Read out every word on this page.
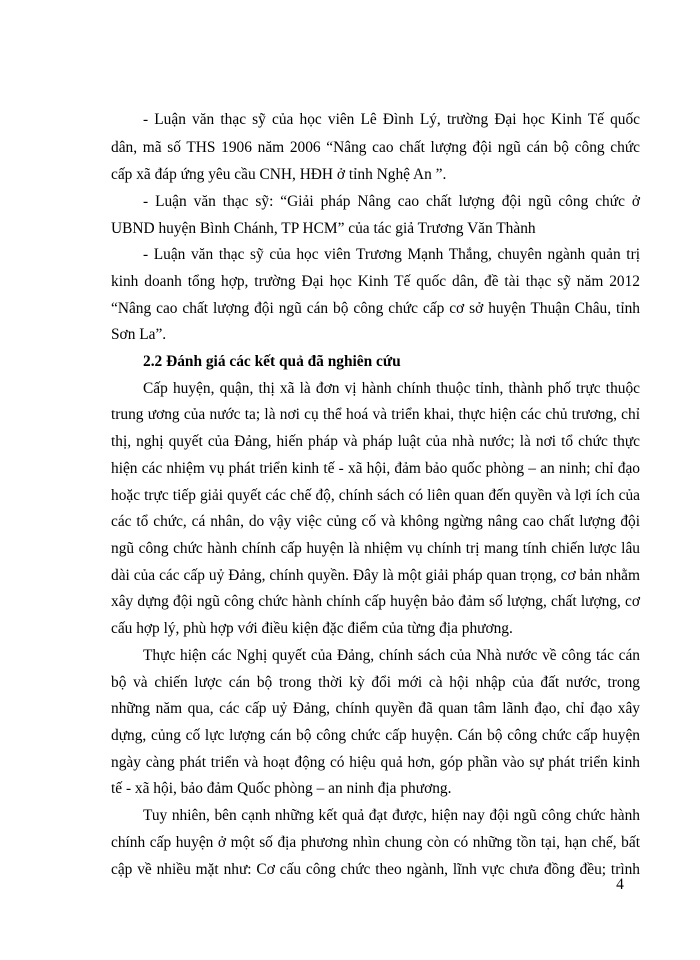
- Luận văn thạc sỹ của học viên Lê Đình Lý, trường Đại học Kinh Tế quốc
dân, mã số THS 1906 năm 2006 “Nâng cao chất lượng đội ngũ cán bộ công chức
cấp xã đáp ứng yêu cầu CNH, HĐH ở tỉnh Nghệ An ”.
- Luận văn thạc sỹ: “Giải pháp Nâng cao chất lượng đội ngũ công chức ở
UBND huyện Bình Chánh, TP HCM” của tác giả Trương Văn Thành
- Luận văn thạc sỹ của học viên Trương Mạnh Thắng, chuyên ngành quản trị
kinh doanh tổng hợp, trường Đại học Kinh Tế quốc dân, đề tài thạc sỹ năm 2012
“Nâng cao chất lượng đội ngũ cán bộ công chức cấp cơ sở huyện Thuận Châu, tỉnh
Sơn La”.
2.2 Đánh giá các kết quả đã nghiên cứu
Cấp huyện, quận, thị xã là đơn vị hành chính thuộc tỉnh, thành phố trực thuộc
trung ương của nước ta; là nơi cụ thể hoá và triển khai, thực hiện các chủ trương, chỉ
thị, nghị quyết của Đảng, hiến pháp và pháp luật của nhà nước; là nơi tổ chức thực
hiện các nhiệm vụ phát triển kinh tế - xã hội, đảm bảo quốc phòng – an ninh; chỉ đạo
hoặc trực tiếp giải quyết các chế độ, chính sách có liên quan đến quyền và lợi ích của
các tổ chức, cá nhân, do vậy việc củng cố và không ngừng nâng cao chất lượng đội
ngũ công chức hành chính cấp huyện là nhiệm vụ chính trị mang tính chiến lược lâu
dài của các cấp uỷ Đảng, chính quyền. Đây là một giải pháp quan trọng, cơ bản nhằm
xây dựng đội ngũ công chức hành chính cấp huyện bảo đảm số lượng, chất lượng, cơ
cấu hợp lý, phù hợp với điều kiện đặc điểm của từng địa phương.
Thực hiện các Nghị quyết của Đảng, chính sách của Nhà nước về công tác cán
bộ và chiến lược cán bộ trong thời kỳ đổi mới cà hội nhập của đất nước, trong
những năm qua, các cấp uỷ Đảng, chính quyền đã quan tâm lãnh đạo, chỉ đạo xây
dựng, củng cố lực lượng cán bộ công chức cấp huyện. Cán bộ công chức cấp huyện
ngày càng phát triển và hoạt động có hiệu quả hơn, góp phần vào sự phát triển kinh
tế - xã hội, bảo đảm Quốc phòng – an ninh địa phương.
Tuy nhiên, bên cạnh những kết quả đạt được, hiện nay đội ngũ công chức hành
chính cấp huyện ở một số địa phương nhìn chung còn có những tồn tại, hạn chế, bất
cập về nhiều mặt như: Cơ cấu công chức theo ngành, lĩnh vực chưa đồng đều; trình
4
